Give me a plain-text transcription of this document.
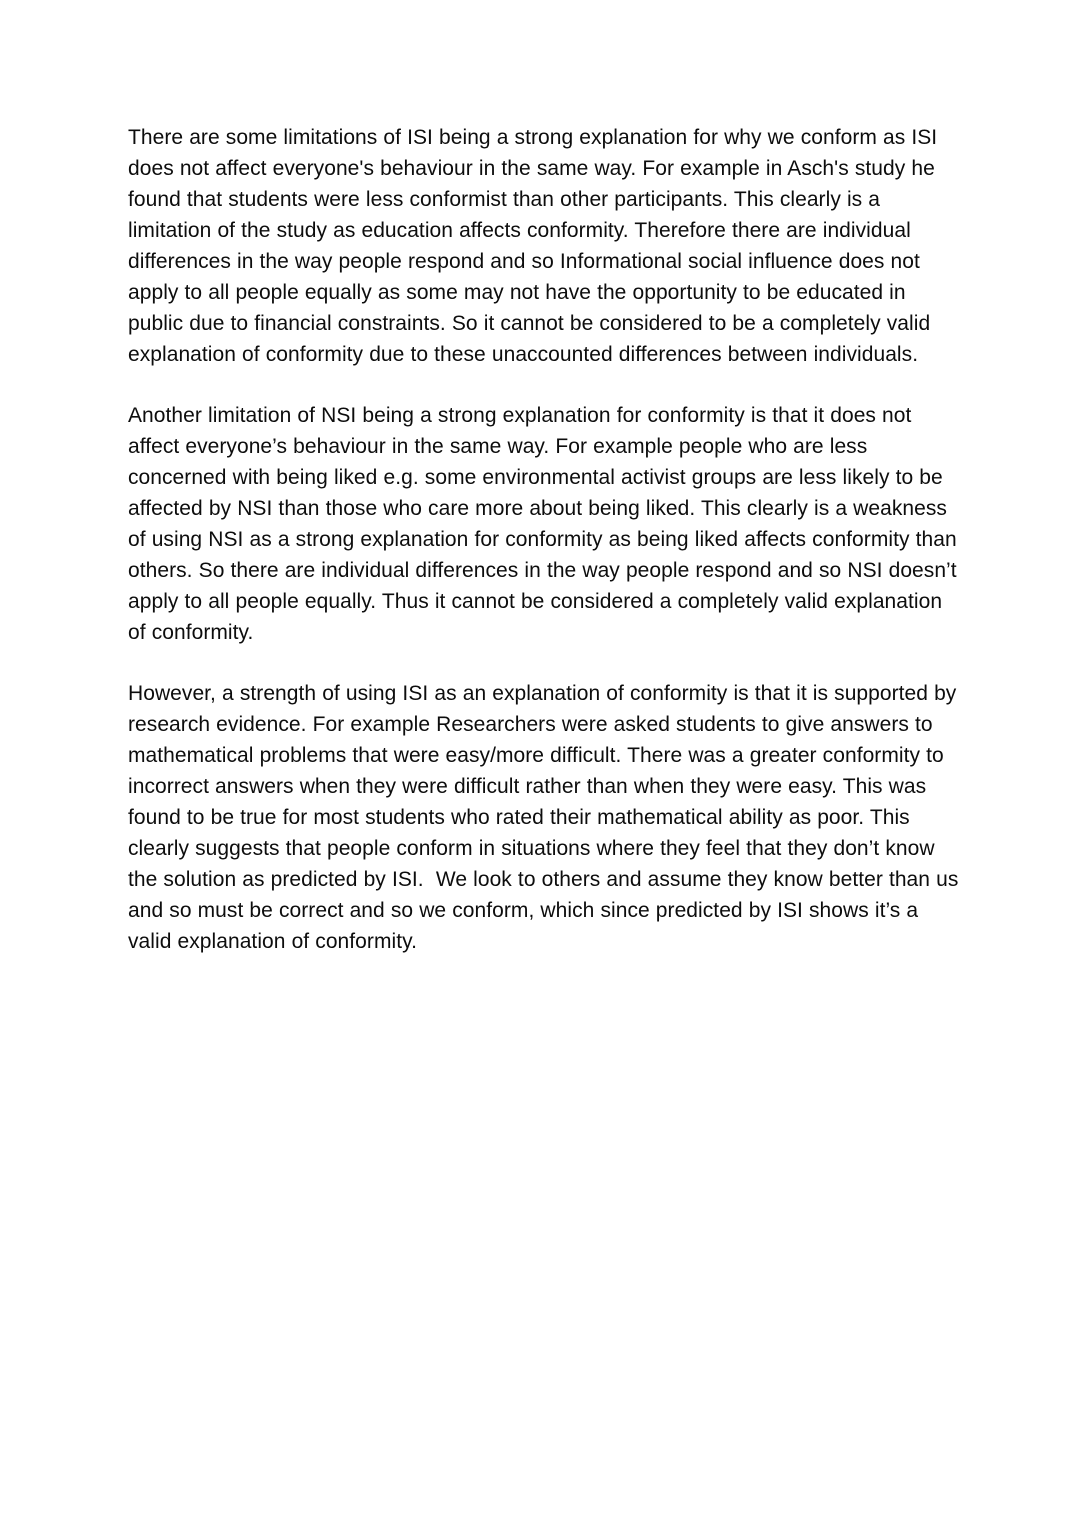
There are some limitations of ISI being a strong explanation for why we conform as ISI does not affect everyone's behaviour in the same way. For example in Asch's study he found that students were less conformist than other participants. This clearly is a limitation of the study as education affects conformity. Therefore there are individual differences in the way people respond and so Informational social influence does not apply to all people equally as some may not have the opportunity to be educated in public due to financial constraints. So it cannot be considered to be a completely valid explanation of conformity due to these unaccounted differences between individuals.

Another limitation of NSI being a strong explanation for conformity is that it does not affect everyone’s behaviour in the same way. For example people who are less concerned with being liked e.g. some environmental activist groups are less likely to be affected by NSI than those who care more about being liked. This clearly is a weakness of using NSI as a strong explanation for conformity as being liked affects conformity than others. So there are individual differences in the way people respond and so NSI doesn’t apply to all people equally. Thus it cannot be considered a completely valid explanation of conformity.

However, a strength of using ISI as an explanation of conformity is that it is supported by research evidence. For example Researchers were asked students to give answers to mathematical problems that were easy/more difficult. There was a greater conformity to incorrect answers when they were difficult rather than when they were easy. This was found to be true for most students who rated their mathematical ability as poor. This clearly suggests that people conform in situations where they feel that they don’t know the solution as predicted by ISI.  We look to others and assume they know better than us and so must be correct and so we conform, which since predicted by ISI shows it’s a valid explanation of conformity.
